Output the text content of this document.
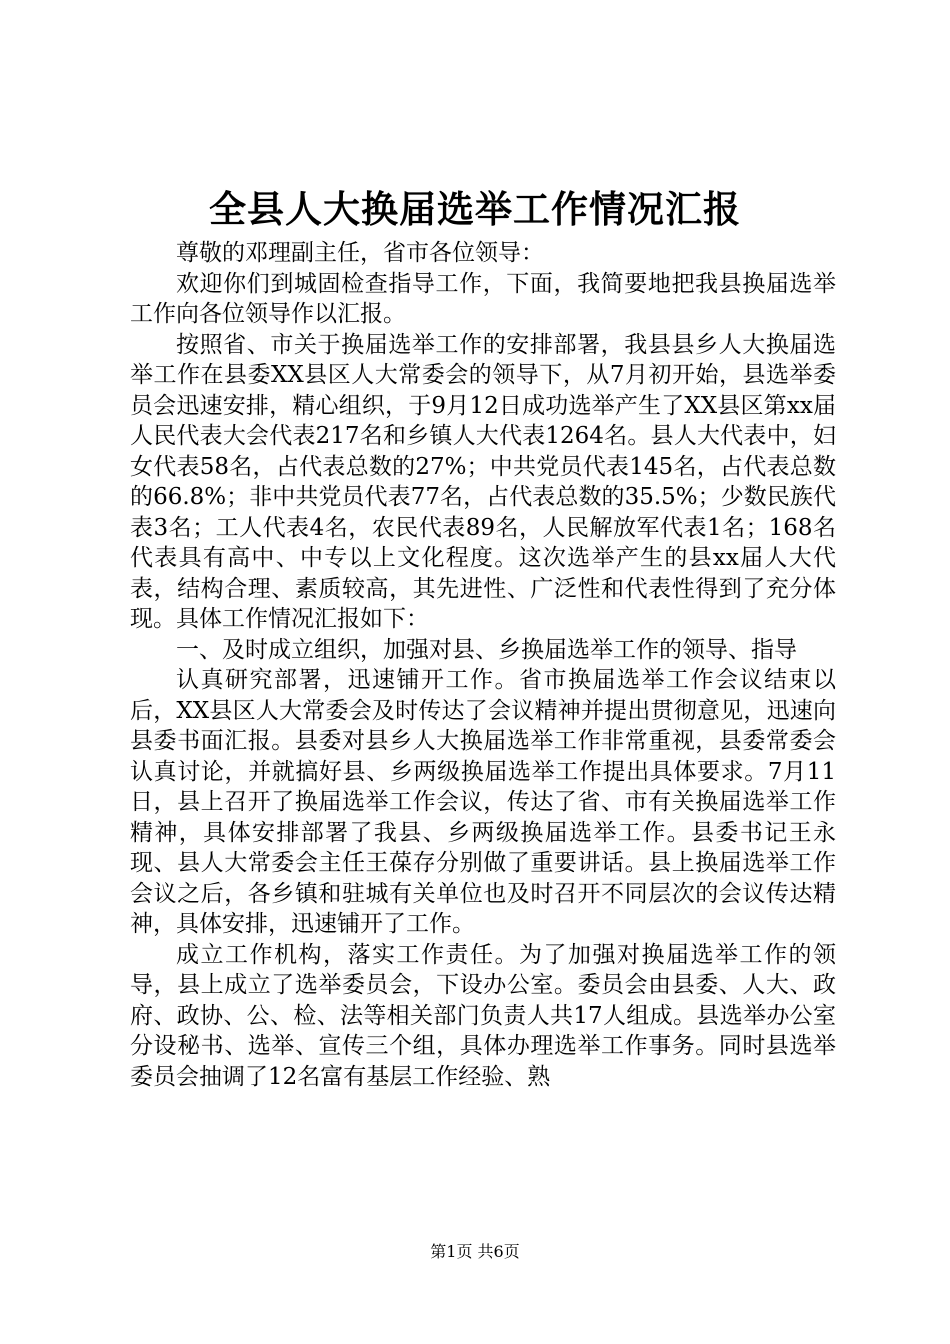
全县人大换届选举工作情况汇报

尊敬的邓理副主任，省市各位领导：

欢迎你们到城固检查指导工作，下面，我简要地把我县换届选举工作向各位领导作以汇报。

按照省、市关于换届选举工作的安排部署，我县县乡人大换届选举工作在县委XX县区人大常委会的领导下，从7月初开始，县选举委员会迅速安排，精心组织，于9月12日成功选举产生了XX县区第xx届人民代表大会代表217名和乡镇人大代表1264名。县人大代表中，妇女代表58名，占代表总数的27%；中共党员代表145名，占代表总数的66.8%；非中共党员代表77名，占代表总数的35.5%；少数民族代表3名；工人代表4名，农民代表89名，人民解放军代表1名；168名代表具有高中、中专以上文化程度。这次选举产生的县xx届人大代表，结构合理、素质较高，其先进性、广泛性和代表性得到了充分体现。具体工作情况汇报如下：

一、及时成立组织，加强对县、乡换届选举工作的领导、指导

认真研究部署，迅速铺开工作。省市换届选举工作会议结束以后，XX县区人大常委会及时传达了会议精神并提出贯彻意见，迅速向县委书面汇报。县委对县乡人大换届选举工作非常重视，县委常委会认真讨论，并就搞好县、乡两级换届选举工作提出具体要求。7月11日，县上召开了换届选举工作会议，传达了省、市有关换届选举工作精神，具体安排部署了我县、乡两级换届选举工作。县委书记王永现、县人大常委会主任王葆存分别做了重要讲话。县上换届选举工作会议之后，各乡镇和驻城有关单位也及时召开不同层次的会议传达精神，具体安排，迅速铺开了工作。

成立工作机构，落实工作责任。为了加强对换届选举工作的领导，县上成立了选举委员会，下设办公室。委员会由县委、人大、政府、政协、公、检、法等相关部门负责人共17人组成。县选举办公室分设秘书、选举、宣传三个组，具体办理选举工作事务。同时县选举委员会抽调了12名富有基层工作经验、熟

第1页 共6页
